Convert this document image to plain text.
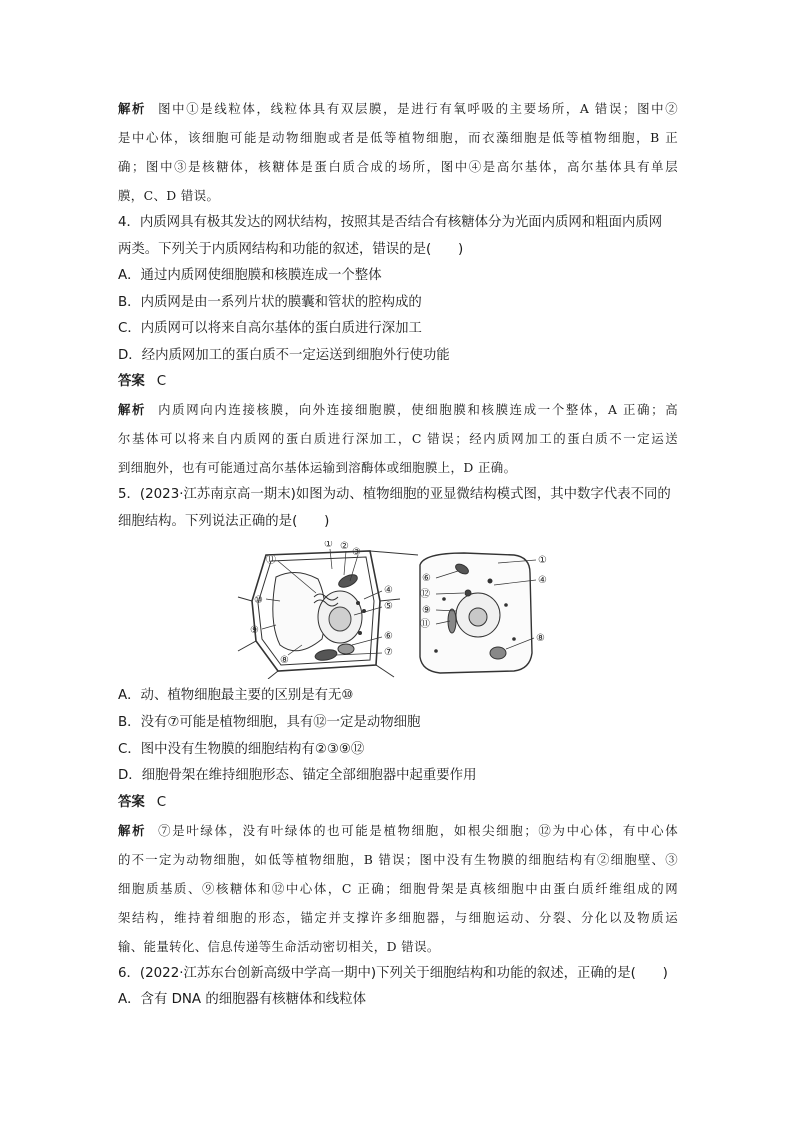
解析 图中①是线粒体，线粒体具有双层膜，是进行有氧呼吸的主要场所，A 错误；图中②
是中心体，该细胞可能是动物细胞或者是低等植物细胞，而衣藻细胞是低等植物细胞，B 正
确；图中③是核糖体，核糖体是蛋白质合成的场所，图中④是高尔基体，高尔基体具有单层
膜，C、D 错误。
4．内质网具有极其发达的网状结构，按照其是否结合有核糖体分为光面内质网和粗面内质网
两类。下列关于内质网结构和功能的叙述，错误的是(　　)
A．通过内质网使细胞膜和核膜连成一个整体
B．内质网是由一系列片状的膜囊和管状的腔构成的
C．内质网可以将来自高尔基体的蛋白质进行深加工
D．经内质网加工的蛋白质不一定运送到细胞外行使功能
答案 C
解析 内质网向内连接核膜，向外连接细胞膜，使细胞膜和核膜连成一个整体，A 正确；高
尔基体可以将来自内质网的蛋白质进行深加工，C 错误；经内质网加工的蛋白质不一定运送
到细胞外，也有可能通过高尔基体运输到溶酶体或细胞膜上，D 正确。
5．(2023·江苏南京高一期末)如图为动、植物细胞的亚显微结构模式图，其中数字代表不同的
细胞结构。下列说法正确的是(　　)
⑪
① ②
③
④
⑤
⑥
⑦
⑧
⑨
⑩
①
⑥	④
⑫
⑨
⑪
⑧
A．动、植物细胞最主要的区别是有无⑩
B．没有⑦可能是植物细胞，具有⑫一定是动物细胞
C．图中没有生物膜的细胞结构有②③⑨⑫
D．细胞骨架在维持细胞形态、锚定全部细胞器中起重要作用
答案 C
解析 ⑦是叶绿体，没有叶绿体的也可能是植物细胞，如根尖细胞；⑫为中心体，有中心体
的不一定为动物细胞，如低等植物细胞，B 错误；图中没有生物膜的细胞结构有②细胞壁、③
细胞质基质、⑨核糖体和⑫中心体，C 正确；细胞骨架是真核细胞中由蛋白质纤维组成的网
架结构，维持着细胞的形态，锚定并支撑许多细胞器，与细胞运动、分裂、分化以及物质运
输、能量转化、信息传递等生命活动密切相关，D 错误。
6．(2022·江苏东台创新高级中学高一期中)下列关于细胞结构和功能的叙述，正确的是(　　)
A．含有 DNA 的细胞器有核糖体和线粒体
